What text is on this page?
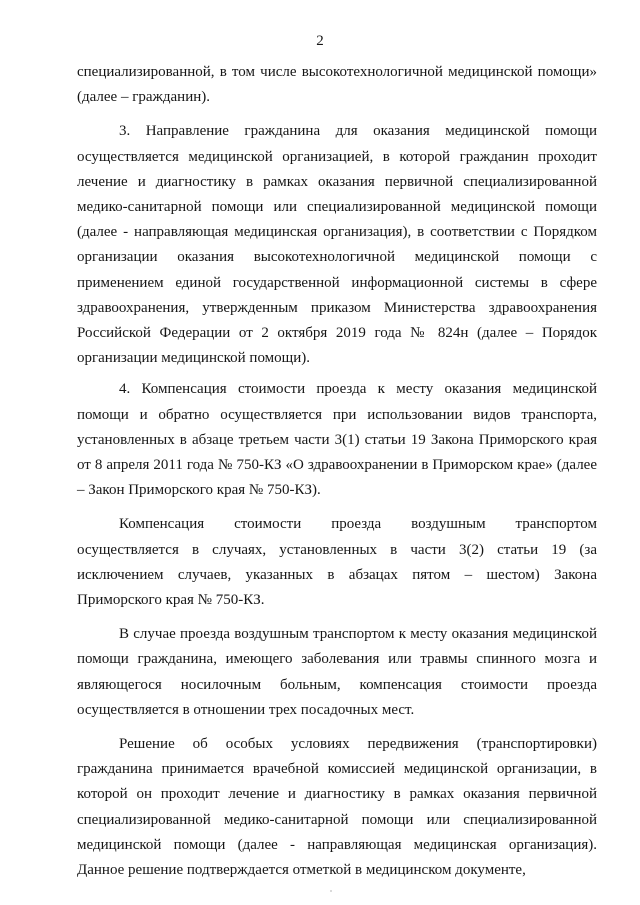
2

специализированной, в том числе высокотехнологичной медицинской помощи» (далее – гражданин).

3. Направление гражданина для оказания медицинской помощи осуществляется медицинской организацией, в которой гражданин проходит лечение и диагностику в рамках оказания первичной специализированной медико-санитарной помощи или специализированной медицинской помощи (далее - направляющая медицинская организация), в соответствии с Порядком организации оказания высокотехнологичной медицинской помощи с применением единой государственной информационной системы в сфере здравоохранения, утвержденным приказом Министерства здравоохранения Российской Федерации от 2 октября 2019 года № 824н (далее – Порядок организации медицинской помощи).

4. Компенсация стоимости проезда к месту оказания медицинской помощи и обратно осуществляется при использовании видов транспорта, установленных в абзаце третьем части 3(1) статьи 19 Закона Приморского края от 8 апреля 2011 года № 750-КЗ «О здравоохранении в Приморском крае» (далее – Закон Приморского края № 750-КЗ).

Компенсация стоимости проезда воздушным транспортом осуществляется в случаях, установленных в части 3(2) статьи 19 (за исключением случаев, указанных в абзацах пятом – шестом) Закона Приморского края № 750-КЗ.

В случае проезда воздушным транспортом к месту оказания медицинской помощи гражданина, имеющего заболевания или травмы спинного мозга и являющегося носилочным больным, компенсация стоимости проезда осуществляется в отношении трех посадочных мест.

Решение об особых условиях передвижения (транспортировки) гражданина принимается врачебной комиссией медицинской организации, в которой он проходит лечение и диагностику в рамках оказания первичной специализированной медико-санитарной помощи или специализированной медицинской помощи (далее - направляющая медицинская организация). Данное решение подтверждается отметкой в медицинском документе,
